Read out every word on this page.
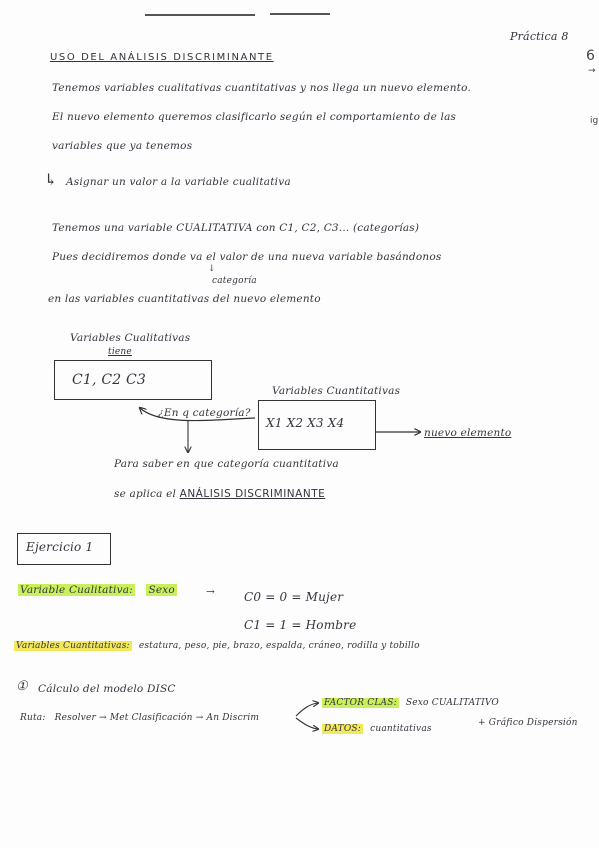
6
→
ig
Práctica 8
USO DEL ANÁLISIS DISCRIMINANTE
Tenemos variables cualitativas cuantitativas y nos llega un nuevo elemento.
El nuevo elemento queremos clasificarlo según el comportamiento de las
variables que ya tenemos
↳ Asignar un valor a la variable cualitativa
Tenemos una variable CUALITATIVA con C1, C2, C3... (categorías)
Pues decidiremos donde va el valor de una nueva variable basándonos
↓
categoría
en las variables cuantitativas del nuevo elemento
Variables Cualitativas
tiene
C1, C2 C3
Variables Cuantitativas
X1 X2 X3 X4
¿En q categoría?
nuevo elemento
Para saber en que categoría cuantitativa
se aplica el ANÁLISIS DISCRIMINANTE
Ejercicio 1
Variable Cualitativa: Sexo	→ C0 = 0 = Mujer
C1 = 1 = Hombre
Variables Cuantitativas: estatura, peso, pie, brazo, espalda, cráneo, rodilla y tobillo
① Cálculo del modelo DISC
Ruta: Resolver → Met Clasificación → An Discrim
FACTOR CLAS: Sexo CUALITATIVO
DATOS: cuantitativas
+ Gráfico Dispersión
